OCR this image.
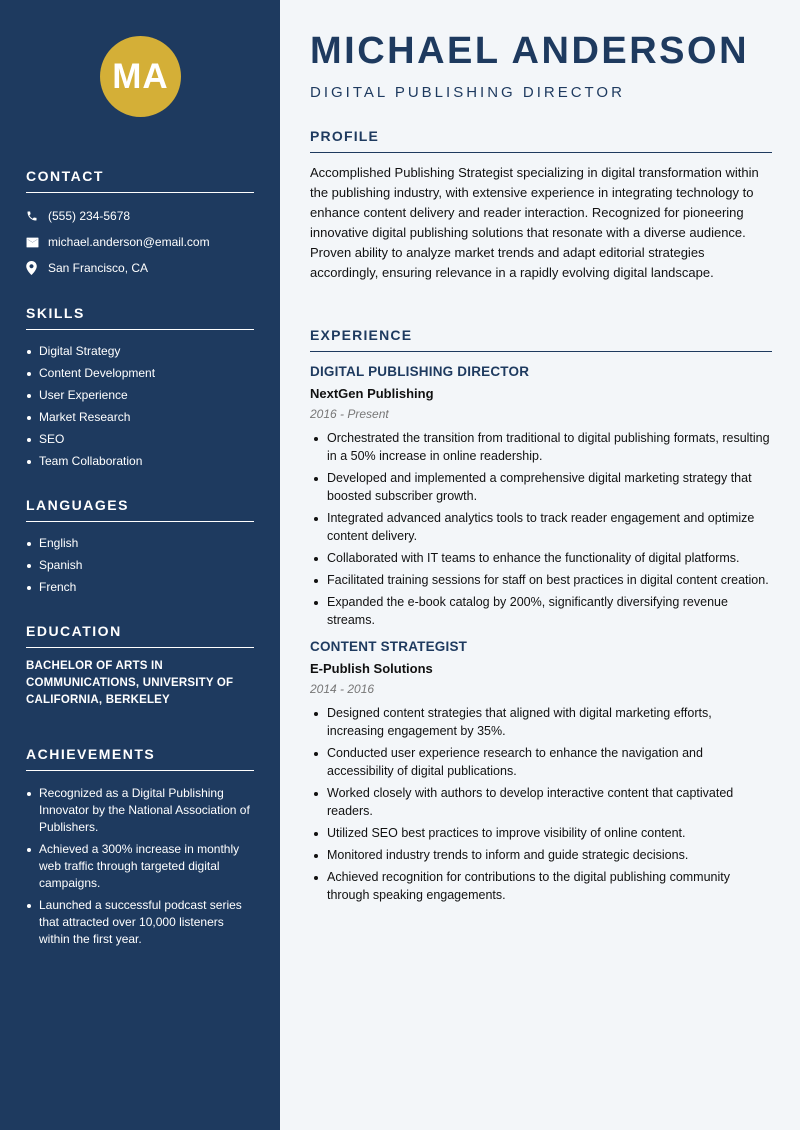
MA
CONTACT
(555) 234-5678
michael.anderson@email.com
San Francisco, CA
SKILLS
Digital Strategy
Content Development
User Experience
Market Research
SEO
Team Collaboration
LANGUAGES
English
Spanish
French
EDUCATION
BACHELOR OF ARTS IN COMMUNICATIONS, UNIVERSITY OF CALIFORNIA, BERKELEY
ACHIEVEMENTS
Recognized as a Digital Publishing Innovator by the National Association of Publishers.
Achieved a 300% increase in monthly web traffic through targeted digital campaigns.
Launched a successful podcast series that attracted over 10,000 listeners within the first year.
MICHAEL ANDERSON
DIGITAL PUBLISHING DIRECTOR
PROFILE

Accomplished Publishing Strategist specializing in digital transformation within the publishing industry, with extensive experience in integrating technology to enhance content delivery and reader interaction. Recognized for pioneering innovative digital publishing solutions that resonate with a diverse audience. Proven ability to analyze market trends and adapt editorial strategies accordingly, ensuring relevance in a rapidly evolving digital landscape.

EXPERIENCE
DIGITAL PUBLISHING DIRECTOR
NextGen Publishing
2016 - Present
Orchestrated the transition from traditional to digital publishing formats, resulting in a 50% increase in online readership.
Developed and implemented a comprehensive digital marketing strategy that boosted subscriber growth.
Integrated advanced analytics tools to track reader engagement and optimize content delivery.
Collaborated with IT teams to enhance the functionality of digital platforms.
Facilitated training sessions for staff on best practices in digital content creation.
Expanded the e-book catalog by 200%, significantly diversifying revenue streams.
CONTENT STRATEGIST
E-Publish Solutions
2014 - 2016
Designed content strategies that aligned with digital marketing efforts, increasing engagement by 35%.
Conducted user experience research to enhance the navigation and accessibility of digital publications.
Worked closely with authors to develop interactive content that captivated readers.
Utilized SEO best practices to improve visibility of online content.
Monitored industry trends to inform and guide strategic decisions.
Achieved recognition for contributions to the digital publishing community through speaking engagements.
